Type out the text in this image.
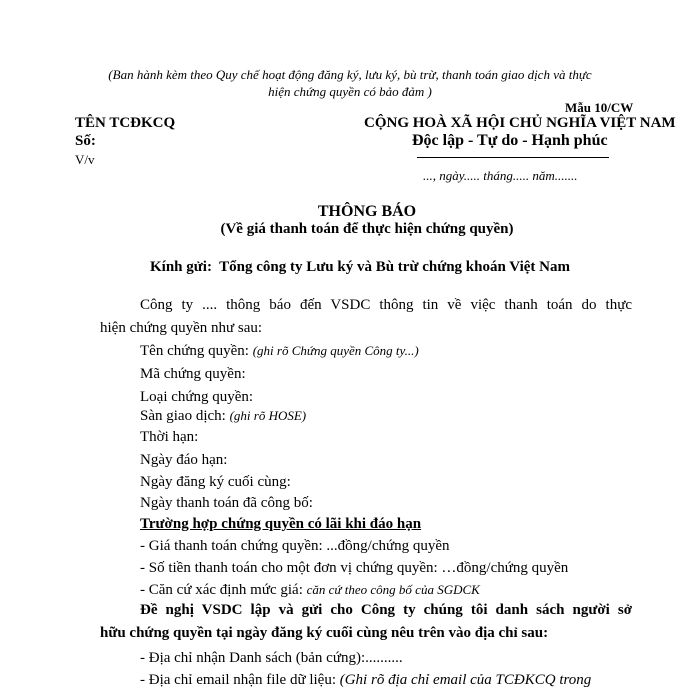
(Ban hành kèm theo Quy chế hoạt động đăng ký, lưu ký, bù trừ, thanh toán giao dịch và thực
hiện chứng quyền có bảo đảm )
Mẫu 10/CW
TÊN TCĐKCQ
Số:
V/v
CỘNG HOÀ XÃ HỘI CHỦ NGHĨA VIỆT NAM
Độc lập - Tự do - Hạnh phúc
..., ngày..... tháng..... năm.......
THÔNG BÁO
(Về giá thanh toán để thực hiện chứng quyền)
Kính gửi: Tổng công ty Lưu ký và Bù trừ chứng khoán Việt Nam
Công ty .... thông báo đến VSDC thông tin về việc thanh toán do thực
hiện chứng quyền như sau:
Tên chứng quyền: (ghi rõ Chứng quyền Công ty...)
Mã chứng quyền:
Loại chứng quyền:
Sàn giao dịch: (ghi rõ HOSE)
Thời hạn:
Ngày đáo hạn:
Ngày đăng ký cuối cùng:
Ngày thanh toán đã công bố:
Trường hợp chứng quyền có lãi khi đáo hạn
- Giá thanh toán chứng quyền: ...đồng/chứng quyền
- Số tiền thanh toán cho một đơn vị chứng quyền: …đồng/chứng quyền
- Căn cứ xác định mức giá: căn cứ theo công bố của SGDCK
Đề nghị VSDC lập và gửi cho Công ty chúng tôi danh sách người sở
hữu chứng quyền tại ngày đăng ký cuối cùng nêu trên vào địa chỉ sau:
- Địa chỉ nhận Danh sách (bản cứng):..........
- Địa chỉ email nhận file dữ liệu: (Ghi rõ địa chỉ email của TCĐKCQ trong
